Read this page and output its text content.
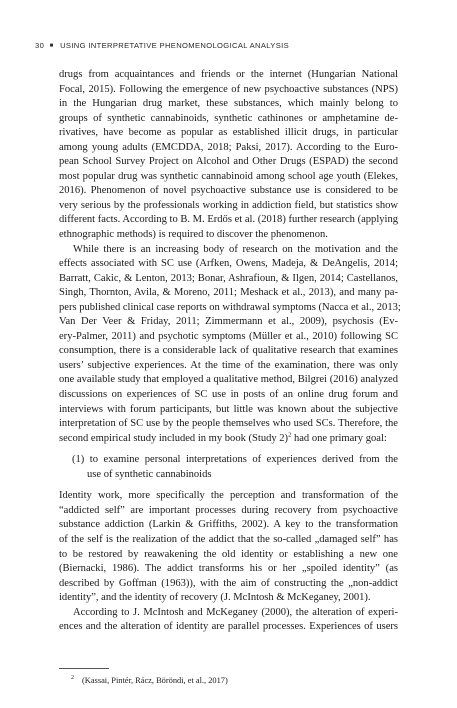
30 ■ USING INTERPRETATIVE PHENOMENOLOGICAL ANALYSIS
drugs from acquaintances and friends or the internet (Hungarian National
Focal, 2015). Following the emergence of new psychoactive substances (NPS)
in the Hungarian drug market, these substances, which mainly belong to
groups of synthetic cannabinoids, synthetic cathinones or amphetamine de-
rivatives, have become as popular as established illicit drugs, in particular
among young adults (EMCDDA, 2018; Paksi, 2017). According to the Euro-
pean School Survey Project on Alcohol and Other Drugs (ESPAD) the second
most popular drug was synthetic cannabinoid among school age youth (Elekes,
2016). Phenomenon of novel psychoactive substance use is considered to be
very serious by the professionals working in addiction field, but statistics show
different facts. According to B. M. Erdős et al. (2018) further research (applying
ethnographic methods) is required to discover the phenomenon.
While there is an increasing body of research on the motivation and the
effects associated with SC use (Arfken, Owens, Madeja, & DeAngelis, 2014;
Barratt, Cakic, & Lenton, 2013; Bonar, Ashrafioun, & Ilgen, 2014; Castellanos,
Singh, Thornton, Avila, & Moreno, 2011; Meshack et al., 2013), and many pa-
pers published clinical case reports on withdrawal symptoms (Nacca et al., 2013;
Van Der Veer & Friday, 2011; Zimmermann et al., 2009), psychosis (Ev-
ery-Palmer, 2011) and psychotic symptoms (Müller et al., 2010) following SC
consumption, there is a considerable lack of qualitative research that examines
users’ subjective experiences. At the time of the examination, there was only
one available study that employed a qualitative method, Bilgrei (2016) analyzed
discussions on experiences of SC use in posts of an online drug forum and
interviews with forum participants, but little was known about the subjective
interpretation of SC use by the people themselves who used SCs. Therefore, the
second empirical study included in my book (Study 2)$^2$ had one primary goal:
(1) to examine personal interpretations of experiences derived from the
use of synthetic cannabinoids
Identity work, more specifically the perception and transformation of the
“addicted self” are important processes during recovery from psychoactive
substance addiction (Larkin & Griffiths, 2002). A key to the transformation
of the self is the realization of the addict that the so-called „damaged self” has
to be restored by reawakening the old identity or establishing a new one
(Biernacki, 1986). The addict transforms his or her „spoiled identity” (as
described by Goffman (1963)), with the aim of constructing the „non-addict
identity”, and the identity of recovery (J. McIntosh & McKeganey, 2001).
According to J. McIntosh and McKeganey (2000), the alteration of experi-
ences and the alteration of identity are parallel processes. Experiences of users
$^2$ (Kassai, Pintér, Rácz, Böröndi, et al., 2017)
